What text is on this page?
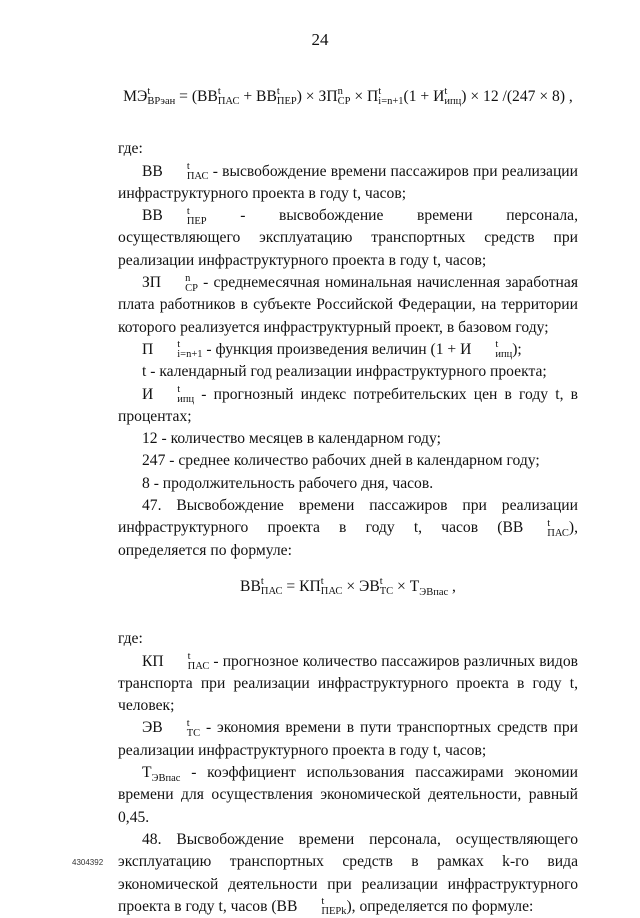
24

МЭ t
ВРэан = (ВВ t
ПАС + ВВ t
ПЕР ) × ЗП n
СР × П t
i=n+1 (1 + И t
ипц ) × 12 /(247 × 8) ,

где:

ВВ	t
ПАС - высвобождение времени пассажиров при реализации инфраструктурного проекта в году t, часов;

ВВ	t
ПЕР - высвобождение времени персонала, осуществляющего эксплуатацию транспортных средств при реализации инфраструктурного проекта в году t, часов;

ЗП	n
СР - среднемесячная номинальная начисленная заработная плата работников в субъекте Российской Федерации, на территории которого реализуется инфраструктурный проект, в базовом году;

П	t
i=n+1 - функция произведения величин (1 + И	t
ипц );

t - календарный год реализации инфраструктурного проекта;

И	t
ипц - прогнозный индекс потребительских цен в году t, в процентах;

12 - количество месяцев в календарном году;

247 - среднее количество рабочих дней в календарном году;

8 - продолжительность рабочего дня, часов.

47. Высвобождение времени пассажиров при реализации инфраструктурного проекта в году t, часов (ВВ	t
ПАС ), определяется по формуле:

ВВ t
ПАС = КП t
ПАС × ЭВ t
ТС × $Т_{ЭВпас}$ ,

где:

КП	t
ПАС - прогнозное количество пассажиров различных видов транспорта при реализации инфраструктурного проекта в году t, человек;

ЭВ	t
ТС - экономия времени в пути транспортных средств при реализации инфраструктурного проекта в году t, часов;

$Т_{ЭВпас}$ - коэффициент использования пассажирами экономии времени для осуществления экономической деятельности, равный 0,45.

48. Высвобождение времени персонала, осуществляющего эксплуатацию транспортных средств в рамках k-го вида экономической деятельности при реализации инфраструктурного проекта в году t, часов (ВВ	t
ПЕРk ), определяется по формуле:

4304392
